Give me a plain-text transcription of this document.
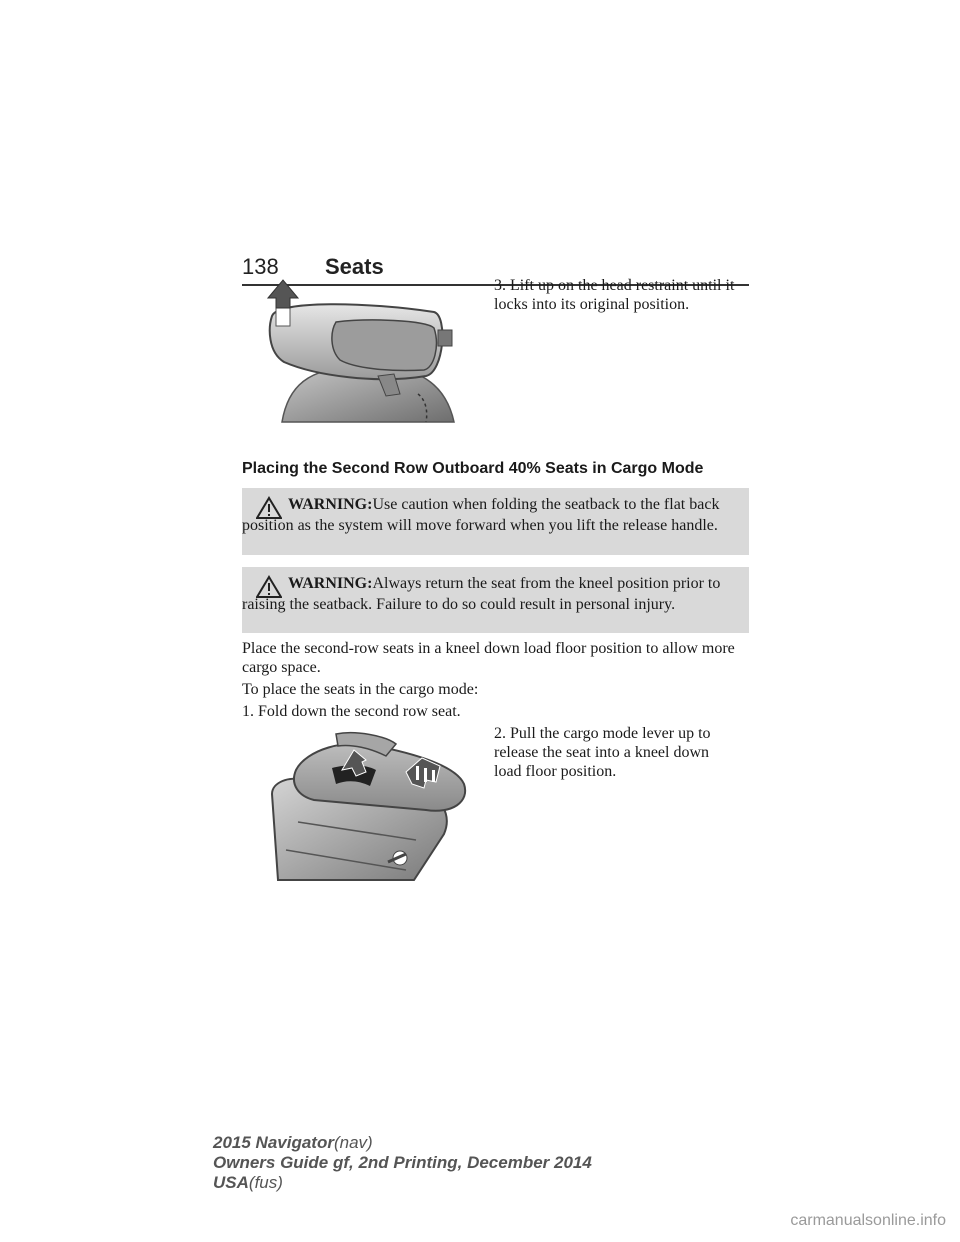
138 Seats
3. Lift up on the head restraint until it locks into its original position.
Placing the Second Row Outboard 40% Seats in Cargo Mode

WARNING:Use caution when folding the seatback to the flat back position as the system will move forward when you lift the release handle.

WARNING:Always return the seat from the kneel position prior to raising the seatback. Failure to do so could result in personal injury.

Place the second-row seats in a kneel down load floor position to allow more cargo space.
To place the seats in the cargo mode:
1. Fold down the second row seat.
2. Pull the cargo mode lever up to release the seat into a kneel down load floor position.
2015 Navigator(nav)
Owners Guide gf, 2nd Printing, December 2014
USA(fus)
carmanualsonline.info
